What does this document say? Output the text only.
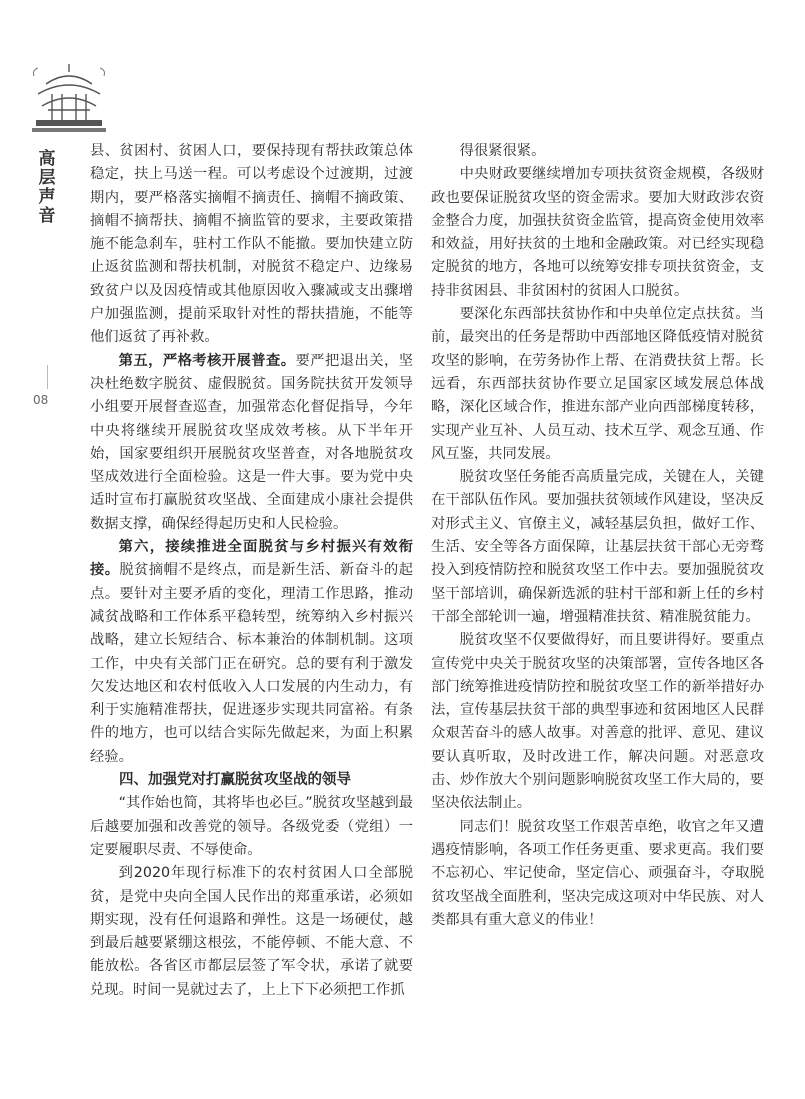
高
层
声
音
08

县、贫困村、贫困人口，要保持现有帮扶政策总体稳定，扶上马送一程。可以考虑设个过渡期，过渡期内，要严格落实摘帽不摘责任、摘帽不摘政策、摘帽不摘帮扶、摘帽不摘监管的要求，主要政策措施不能急刹车，驻村工作队不能撤。要加快建立防止返贫监测和帮扶机制，对脱贫不稳定户、边缘易致贫户以及因疫情或其他原因收入骤减或支出骤增户加强监测，提前采取针对性的帮扶措施，不能等他们返贫了再补救。

第五，严格考核开展普查。要严把退出关，坚决杜绝数字脱贫、虚假脱贫。国务院扶贫开发领导小组要开展督查巡查，加强常态化督促指导，今年中央将继续开展脱贫攻坚成效考核。从下半年开始，国家要组织开展脱贫攻坚普查，对各地脱贫攻坚成效进行全面检验。这是一件大事。要为党中央适时宣布打赢脱贫攻坚战、全面建成小康社会提供数据支撑，确保经得起历史和人民检验。

第六，接续推进全面脱贫与乡村振兴有效衔接。脱贫摘帽不是终点，而是新生活、新奋斗的起点。要针对主要矛盾的变化，理清工作思路，推动减贫战略和工作体系平稳转型，统筹纳入乡村振兴战略，建立长短结合、标本兼治的体制机制。这项工作，中央有关部门正在研究。总的要有利于激发欠发达地区和农村低收入人口发展的内生动力，有利于实施精准帮扶，促进逐步实现共同富裕。有条件的地方，也可以结合实际先做起来，为面上积累经验。

四、加强党对打赢脱贫攻坚战的领导

“其作始也简，其将毕也必巨。”脱贫攻坚越到最后越要加强和改善党的领导。各级党委（党组）一定要履职尽责、不辱使命。

到2020年现行标准下的农村贫困人口全部脱贫，是党中央向全国人民作出的郑重承诺，必须如期实现，没有任何退路和弹性。这是一场硬仗，越到最后越要紧绷这根弦，不能停顿、不能大意、不能放松。各省区市都层层签了军令状，承诺了就要兑现。时间一晃就过去了，上上下下必须把工作抓

得很紧很紧。

中央财政要继续增加专项扶贫资金规模，各级财政也要保证脱贫攻坚的资金需求。要加大财政涉农资金整合力度，加强扶贫资金监管，提高资金使用效率和效益，用好扶贫的土地和金融政策。对已经实现稳定脱贫的地方，各地可以统筹安排专项扶贫资金，支持非贫困县、非贫困村的贫困人口脱贫。

要深化东西部扶贫协作和中央单位定点扶贫。当前，最突出的任务是帮助中西部地区降低疫情对脱贫攻坚的影响，在劳务协作上帮、在消费扶贫上帮。长远看，东西部扶贫协作要立足国家区域发展总体战略，深化区域合作，推进东部产业向西部梯度转移，实现产业互补、人员互动、技术互学、观念互通、作风互鉴，共同发展。

脱贫攻坚任务能否高质量完成，关键在人，关键在干部队伍作风。要加强扶贫领域作风建设，坚决反对形式主义、官僚主义，减轻基层负担，做好工作、生活、安全等各方面保障，让基层扶贫干部心无旁骛投入到疫情防控和脱贫攻坚工作中去。要加强脱贫攻坚干部培训，确保新选派的驻村干部和新上任的乡村干部全部轮训一遍，增强精准扶贫、精准脱贫能力。

脱贫攻坚不仅要做得好，而且要讲得好。要重点宣传党中央关于脱贫攻坚的决策部署，宣传各地区各部门统筹推进疫情防控和脱贫攻坚工作的新举措好办法，宣传基层扶贫干部的典型事迹和贫困地区人民群众艰苦奋斗的感人故事。对善意的批评、意见、建议要认真听取，及时改进工作，解决问题。对恶意攻击、炒作放大个别问题影响脱贫攻坚工作大局的，要坚决依法制止。

同志们！脱贫攻坚工作艰苦卓绝，收官之年又遭遇疫情影响，各项工作任务更重、要求更高。我们要不忘初心、牢记使命，坚定信心、顽强奋斗，夺取脱贫攻坚战全面胜利，坚决完成这项对中华民族、对人类都具有重大意义的伟业！
